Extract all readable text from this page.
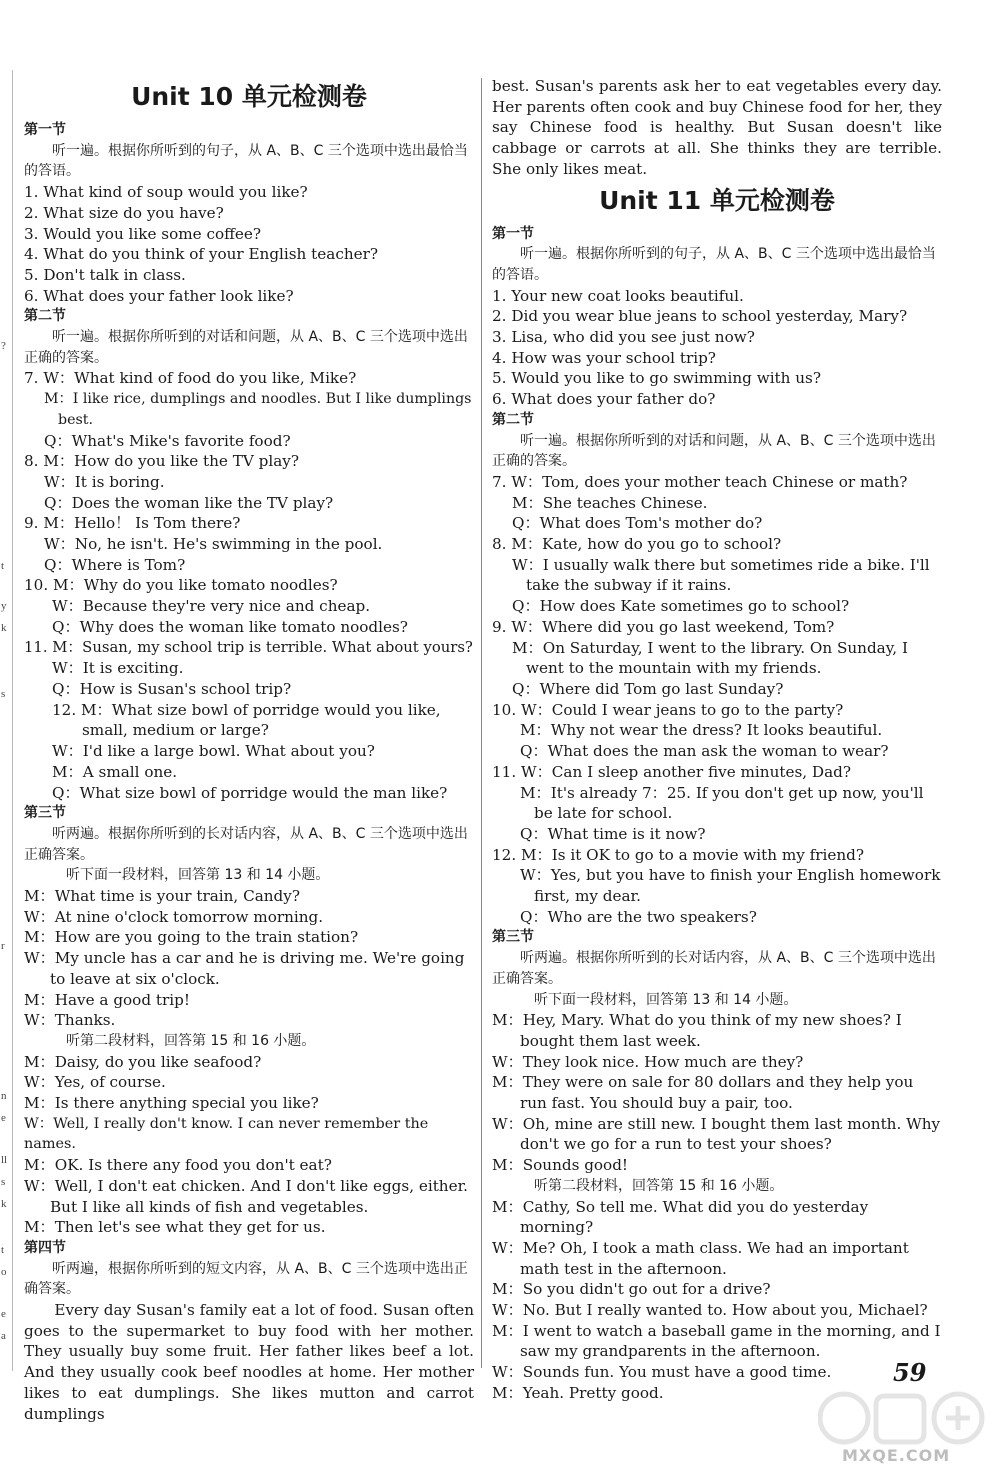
?
t
y
k
s
r
n
e
ll
s
k
t
o
e
a
Unit 10 单元检测卷
第一节
听一遍。根据你所听到的句子，从 A、B、C 三个选项中选出最恰当的答语。
1. What kind of soup would you like?
2. What size do you have?
3. Would you like some coffee?
4. What do you think of your English teacher?
5. Don't talk in class.
6. What does your father look like?
第二节
听一遍。根据你所听到的对话和问题，从 A、B、C 三个选项中选出正确的答案。
7. W：What kind of food do you like, Mike?
M：I like rice, dumplings and noodles. But I like dumplings best.
Q：What's Mike's favorite food?
8. M：How do you like the TV play?
W：It is boring.
Q：Does the woman like the TV play?
9. M：Hello！ Is Tom there?
W：No, he isn't. He's swimming in the pool.
Q：Where is Tom?
10. M：Why do you like tomato noodles?
W：Because they're very nice and cheap.
Q：Why does the woman like tomato noodles?
11. M：Susan, my school trip is terrible. What about yours?
W：It is exciting.
Q：How is Susan's school trip?
12. M：What size bowl of porridge would you like, small, medium or large?
W：I'd like a large bowl. What about you?
M：A small one.
Q：What size bowl of porridge would the man like?
第三节
听两遍。根据你所听到的长对话内容，从 A、B、C 三个选项中选出正确答案。
听下面一段材料，回答第 13 和 14 小题。
M：What time is your train, Candy?
W：At nine o'clock tomorrow morning.
M：How are you going to the train station?
W：My uncle has a car and he is driving me. We're going to leave at six o'clock.
M：Have a good trip!
W：Thanks.
听第二段材料，回答第 15 和 16 小题。
M：Daisy, do you like seafood?
W：Yes, of course.
M：Is there anything special you like?
W：Well, I really don't know. I can never remember the names.
M：OK. Is there any food you don't eat?
W：Well, I don't eat chicken. And I don't like eggs, either. But I like all kinds of fish and vegetables.
M：Then let's see what they get for us.
第四节
听两遍，根据你所听到的短文内容，从 A、B、C 三个选项中选出正确答案。
Every day Susan's family eat a lot of food. Susan often goes to the supermarket to buy food with her mother. They usually buy some fruit. Her father likes beef a lot. And they usually cook beef noodles at home. Her mother likes to eat dumplings. She likes mutton and carrot dumplings
best. Susan's parents ask her to eat vegetables every day. Her parents often cook and buy Chinese food for her, they say Chinese food is healthy. But Susan doesn't like cabbage or carrots at all. She thinks they are terrible. She only likes meat.
Unit 11 单元检测卷
第一节
听一遍。根据你所听到的句子，从 A、B、C 三个选项中选出最恰当的答语。
1. Your new coat looks beautiful.
2. Did you wear blue jeans to school yesterday, Mary?
3. Lisa, who did you see just now?
4. How was your school trip?
5. Would you like to go swimming with us?
6. What does your father do?
第二节
听一遍。根据你所听到的对话和问题，从 A、B、C 三个选项中选出正确的答案。
7. W：Tom, does your mother teach Chinese or math?
M：She teaches Chinese.
Q：What does Tom's mother do?
8. M：Kate, how do you go to school?
W：I usually walk there but sometimes ride a bike. I'll take the subway if it rains.
Q：How does Kate sometimes go to school?
9. W：Where did you go last weekend, Tom?
M：On Saturday, I went to the library. On Sunday, I went to the mountain with my friends.
Q：Where did Tom go last Sunday?
10. W：Could I wear jeans to go to the party?
M：Why not wear the dress? It looks beautiful.
Q：What does the man ask the woman to wear?
11. W：Can I sleep another five minutes, Dad?
M：It's already 7：25. If you don't get up now, you'll be late for school.
Q：What time is it now?
12. M：Is it OK to go to a movie with my friend?
W：Yes, but you have to finish your English homework first, my dear.
Q：Who are the two speakers?
第三节
听两遍。根据你所听到的长对话内容，从 A、B、C 三个选项中选出正确答案。
听下面一段材料，回答第 13 和 14 小题。
M：Hey, Mary. What do you think of my new shoes? I bought them last week.
W：They look nice. How much are they?
M：They were on sale for 80 dollars and they help you run fast. You should buy a pair, too.
W：Oh, mine are still new. I bought them last month. Why don't we go for a run to test your shoes?
M：Sounds good!
听第二段材料，回答第 15 和 16 小题。
M：Cathy, So tell me. What did you do yesterday morning?
W：Me? Oh, I took a math class. We had an important math test in the afternoon.
M：So you didn't go out for a drive?
W：No. But I really wanted to. How about you, Michael?
M：I went to watch a baseball game in the morning, and I saw my grandparents in the afternoon.
W：Sounds fun. You must have a good time.
M：Yeah. Pretty good.
59
MXQE.COM
